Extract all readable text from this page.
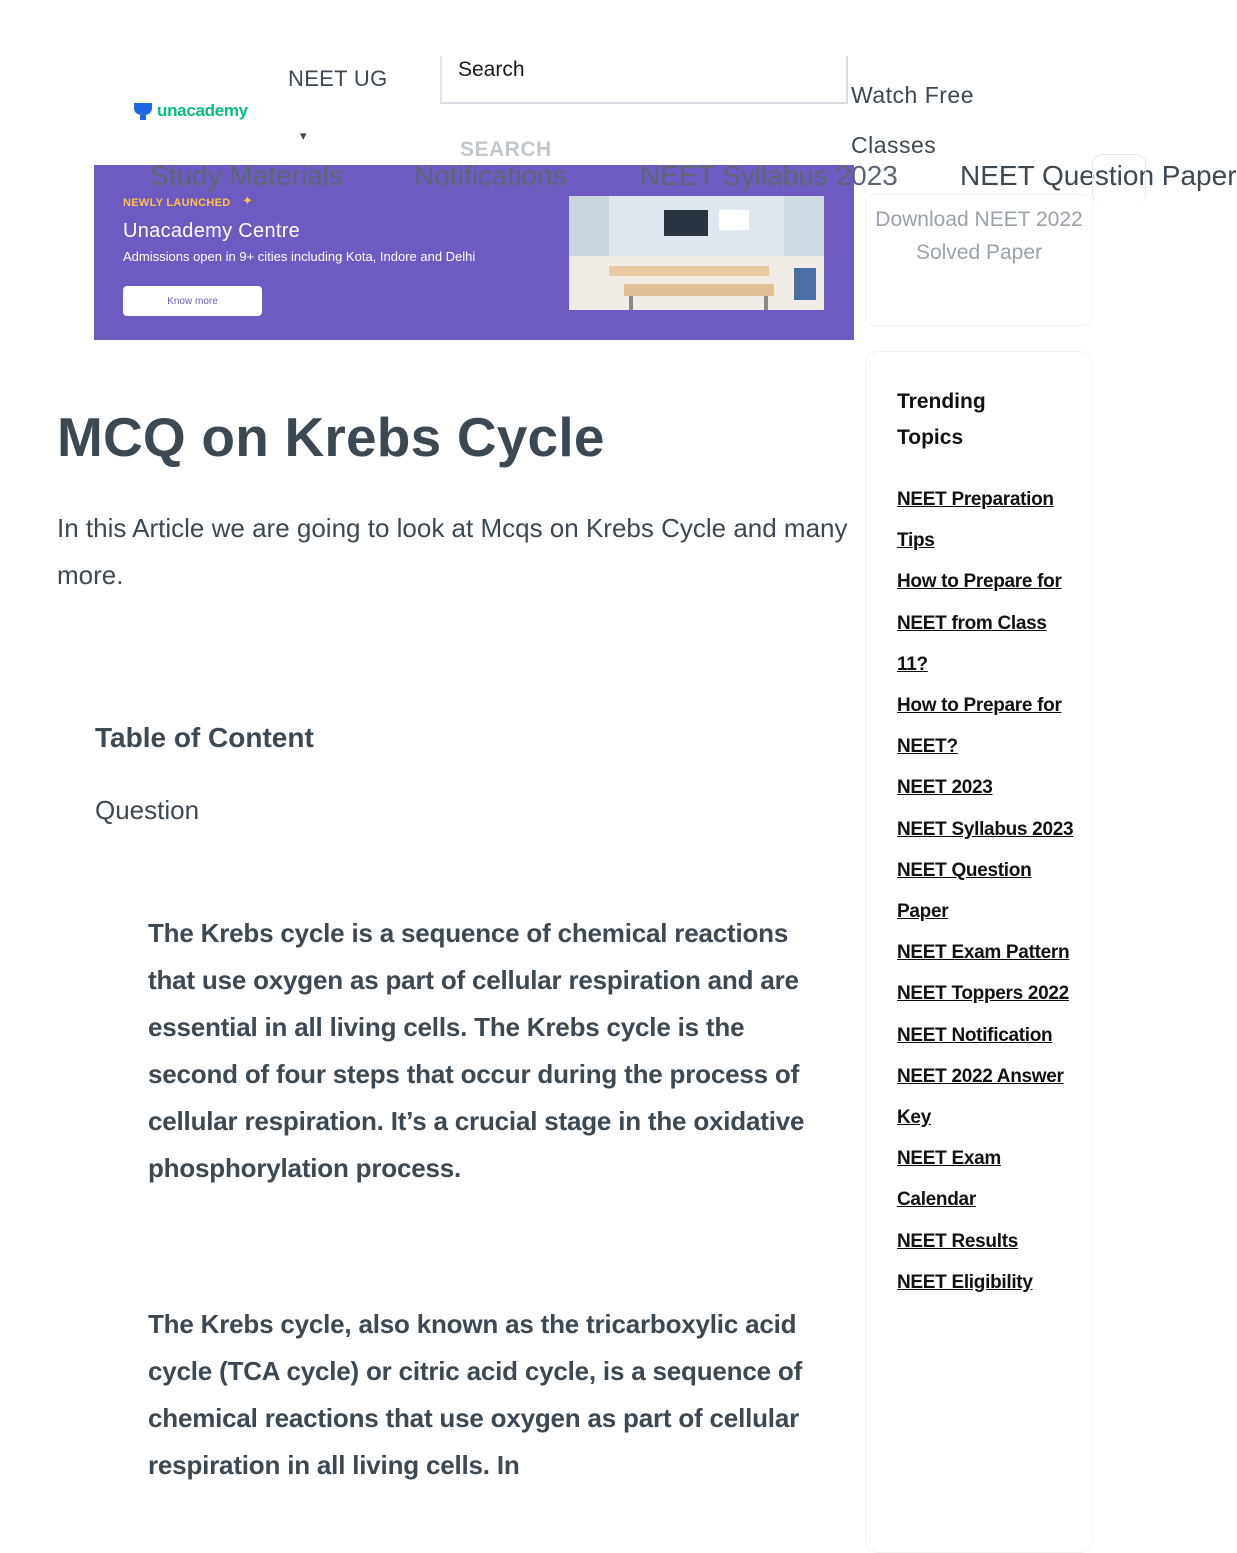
unacademy
NEET UG
▾
Search
SEARCH
Watch Free Classes
NEWLY LAUNCHED ✦
Unacademy Centre
Admissions open in 9+ cities including Kota, Indore and Delhi
Know more
Study Materials	Notifications	NEET Syllabus 2023 NEET Question Paper
Download NEET 2022 Solved Paper
Trending Topics
NEET Preparation Tips
How to Prepare for NEET from Class 11?
How to Prepare for NEET?
NEET 2023
NEET Syllabus 2023
NEET Question Paper
NEET Exam Pattern
NEET Toppers 2022
NEET Notification
NEET 2022 Answer Key
NEET Exam Calendar
NEET Results
NEET Eligibility
MCQ on Krebs Cycle

In this Article we are going to look at Mcqs on Krebs Cycle and many more.

Table of Content
Question

The Krebs cycle is a sequence of chemical reactions that use oxygen as part of cellular respiration and are essential in all living cells. The Krebs cycle is the second of four steps that occur during the process of cellular respiration. It’s a crucial stage in the oxidative phosphorylation process.

The Krebs cycle, also known as the tricarboxylic acid cycle (TCA cycle) or citric acid cycle, is a sequence of chemical reactions that use oxygen as part of cellular respiration in all living cells. In
